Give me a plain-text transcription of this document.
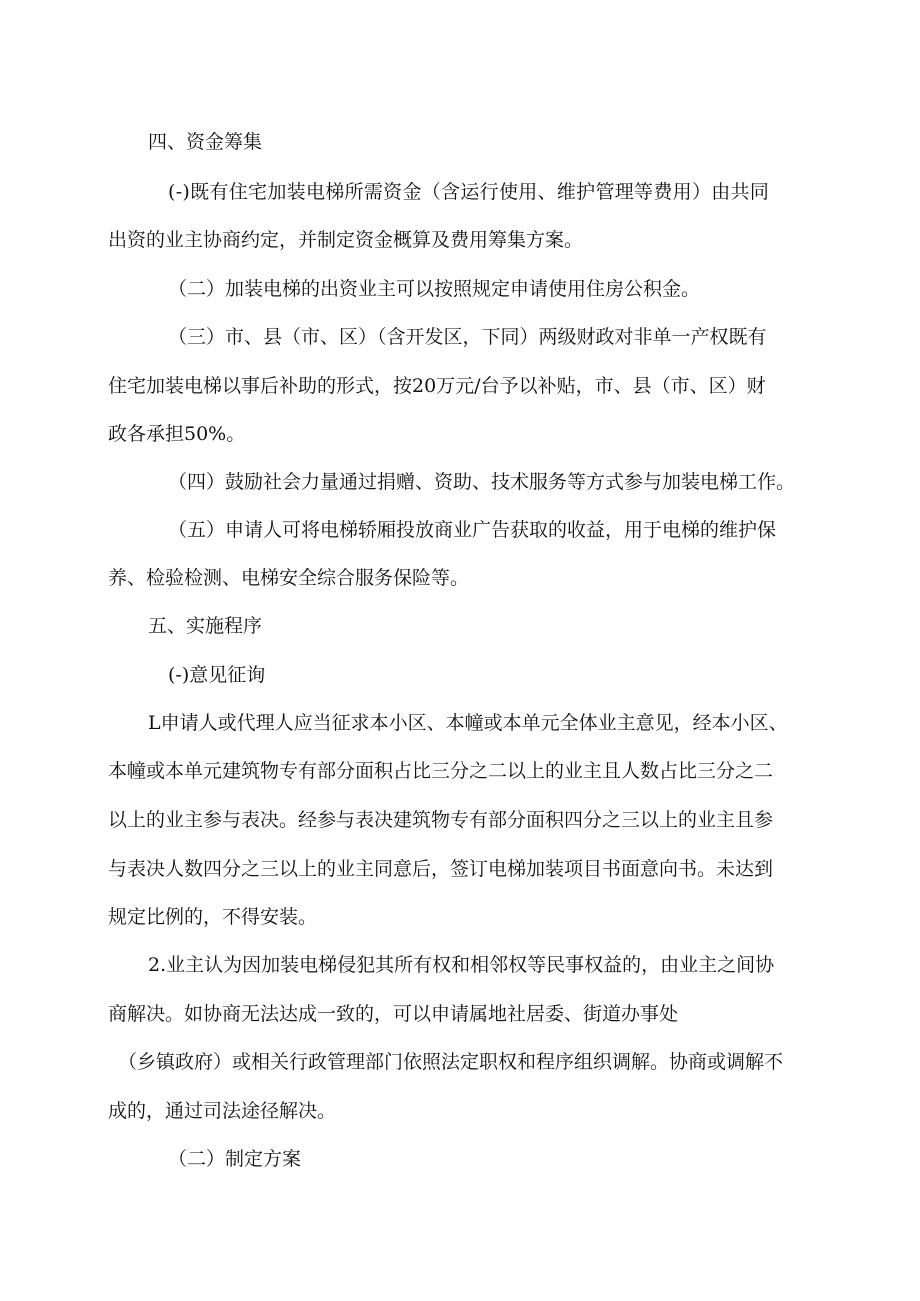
四、资金筹集
(-)既有住宅加装电梯所需资金（含运行使用、维护管理等费用）由共同
出资的业主协商约定，并制定资金概算及费用筹集方案。
（二）加装电梯的出资业主可以按照规定申请使用住房公积金。
（三）市、县（市、区）（含开发区，下同）两级财政对非单一产权既有
住宅加装电梯以事后补助的形式，按20万元/台予以补贴，市、县（市、区）财
政各承担50%。
（四）鼓励社会力量通过捐赠、资助、技术服务等方式参与加装电梯工作。
（五）申请人可将电梯轿厢投放商业广告获取的收益，用于电梯的维护保
养、检验检测、电梯安全综合服务保险等。
五、实施程序
(-)意见征询
L申请人或代理人应当征求本小区、本幢或本单元全体业主意见，经本小区、
本幢或本单元建筑物专有部分面积占比三分之二以上的业主且人数占比三分之二
以上的业主参与表决。经参与表决建筑物专有部分面积四分之三以上的业主且参
与表决人数四分之三以上的业主同意后，签订电梯加装项目书面意向书。未达到
规定比例的，不得安装。
2.业主认为因加装电梯侵犯其所有权和相邻权等民事权益的，由业主之间协
商解决。如协商无法达成一致的，可以申请属地社居委、街道办事处
（乡镇政府）或相关行政管理部门依照法定职权和程序组织调解。协商或调解不
成的，通过司法途径解决。
（二）制定方案
